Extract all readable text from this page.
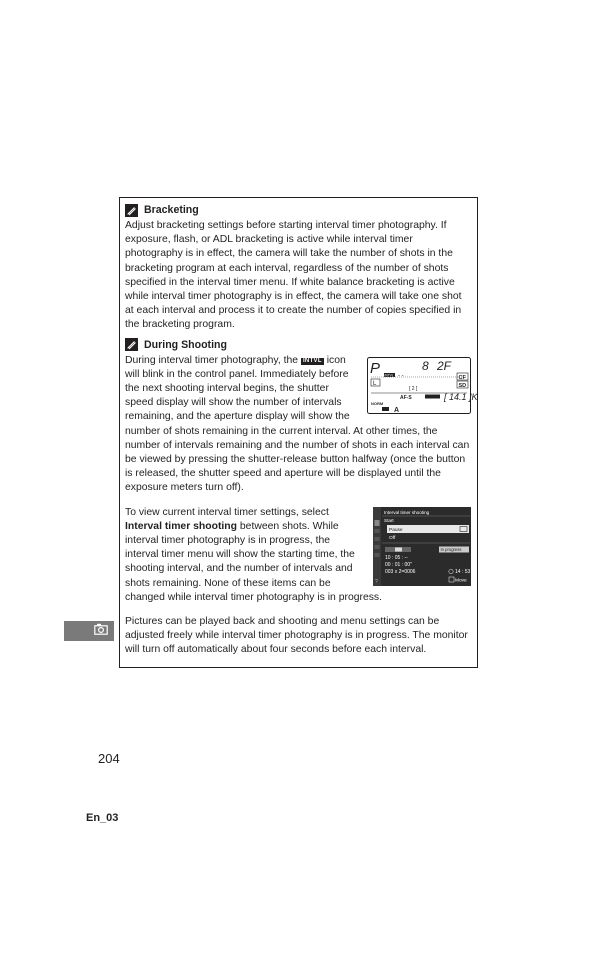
Bracketing

Adjust bracketing settings before starting interval timer photography. If exposure, flash, or ADL bracketing is active while interval timer photography is in effect, the camera will take the number of shots in the bracketing program at each interval, regardless of the number of shots specified in the interval timer menu. If white balance bracketing is active while interval timer photography is in effect, the camera will take one shot at each interval and process it to create the number of copies specified in the bracketing program.

During Shooting
P	8 2F
INTVL - -
L
[ 2 ]
AF-S
NORM
A
CF
SD
[ 14.1 ]K

During interval timer photography, the INTVL icon will blink in the control panel. Immediately before the next shooting interval begins, the shutter speed display will show the number of intervals remaining, and the aperture display will show the number of shots remaining in the current interval. At other times, the number of intervals remaining and the number of shots in each interval can be viewed by pressing the shutter-release button halfway (once the button is released, the shutter speed and aperture will be displayed until the exposure meters turn off).

?
Interval timer shooting
Start
Pause
Off
In progress
10 : 05 : --
00 : 01 : 00"
003 x 2=0006	14 : 53
Move

To view current interval timer settings, select Interval timer shooting between shots. While interval timer photography is in progress, the interval timer menu will show the starting time, the shooting interval, and the number of intervals and shots remaining. None of these items can be changed while interval timer photography is in progress.

Pictures can be played back and shooting and menu settings can be adjusted freely while interval timer photography is in progress. The monitor will turn off automatically about four seconds before each interval.

204
En_03
